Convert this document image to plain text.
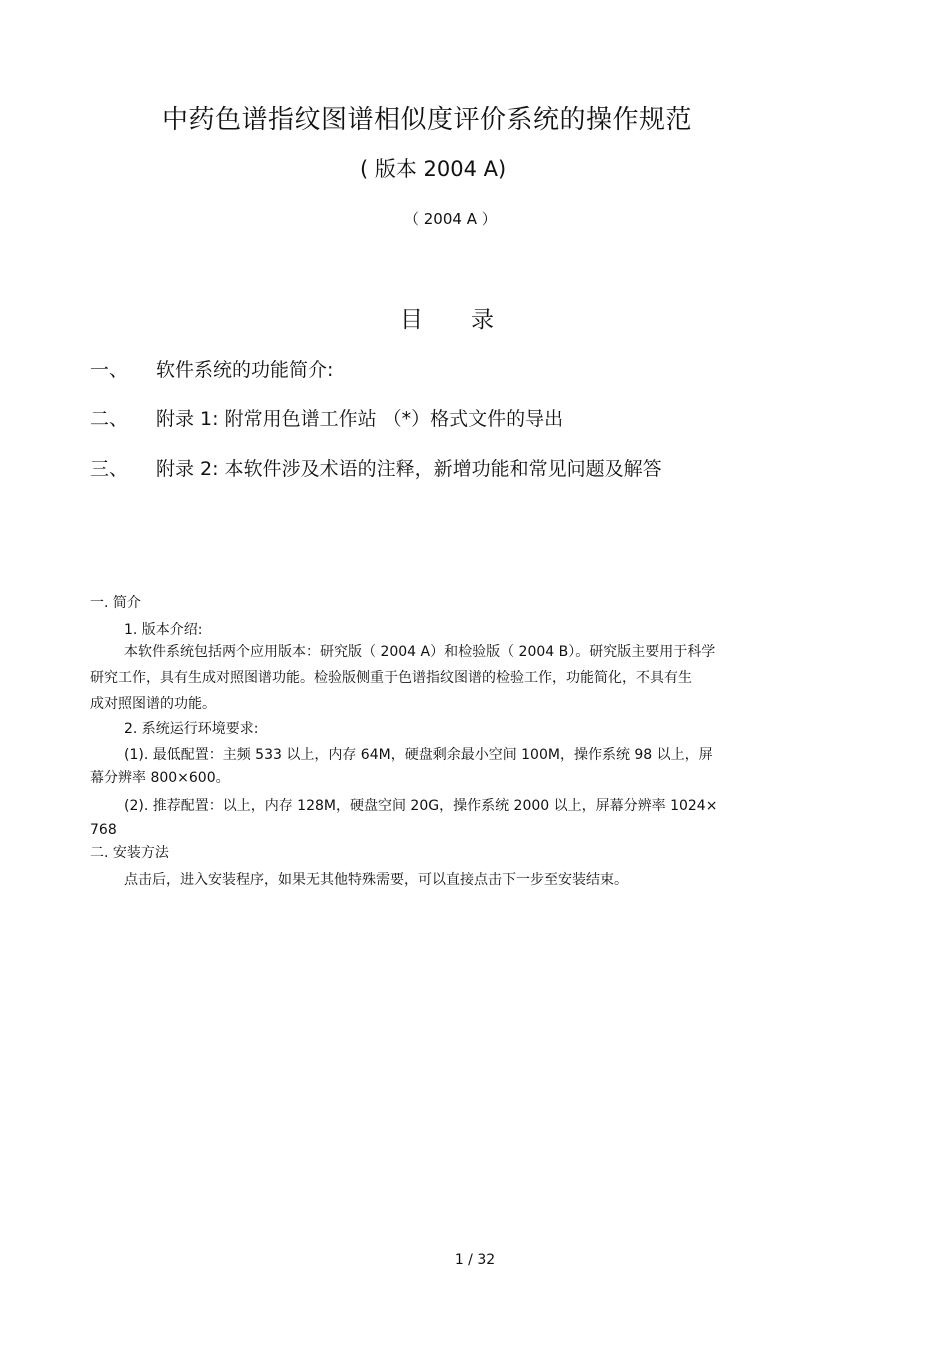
中药色谱指纹图谱相似度评价系统的操作规范
( 版本 2004 A)
（ 2004 A ）
目 录
一、 软件系统的功能简介:
二、 附录 1: 附常用色谱工作站 （*）格式文件的导出
三、 附录 2: 本软件涉及术语的注释，新增功能和常见问题及解答
一. 简介
1. 版本介绍:
本软件系统包括两个应用版本：研究版（ 2004 A）和检验版（ 2004 B）。研究版主要用于科学
研究工作，具有生成对照图谱功能。检验版侧重于色谱指纹图谱的检验工作，功能简化，不具有生
成对照图谱的功能。
2. 系统运行环境要求:
(1). 最低配置：主频 533 以上，内存 64M，硬盘剩余最小空间 100M，操作系统 98 以上，屏
幕分辨率 800×600。
(2). 推荐配置：以上，内存 128M，硬盘空间 20G，操作系统 2000 以上，屏幕分辨率 1024×
768
二. 安装方法
点击后，进入安装程序，如果无其他特殊需要，可以直接点击下一步至安装结束。
1 / 32
